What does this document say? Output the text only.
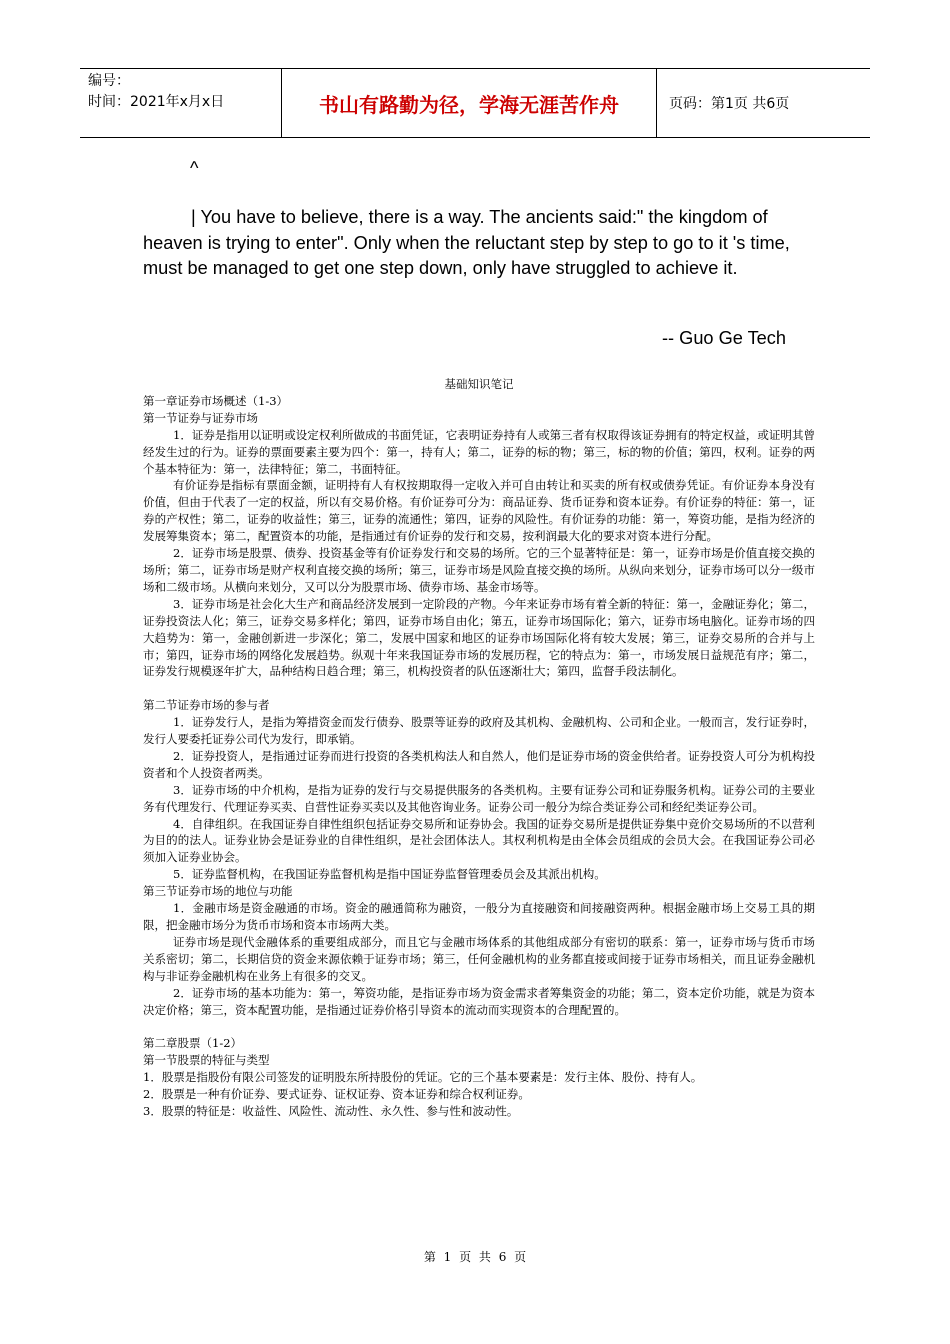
编号：
时间：2021年x月x日	书山有路勤为径，学海无涯苦作舟	页码：第1页 共6页
^

| You have to believe, there is a way. The ancients said:" the kingdom of heaven is trying to enter". Only when the reluctant step by step to go to it 's time, must be managed to get one step down, only have struggled to achieve it.

-- Guo Ge Tech
基础知识笔记
第一章证券市场概述（1-3）
第一节证券与证券市场
1．证券是指用以证明或设定权利所做成的书面凭证，它表明证券持有人或第三者有权取得该证券拥有的特定权益，或证明其曾经发生过的行为。证券的票面要素主要为四个：第一，持有人；第二，证券的标的物；第三，标的物的价值；第四，权利。证券的两个基本特征为：第一，法律特征；第二，书面特征。
有价证券是指标有票面金额，证明持有人有权按期取得一定收入并可自由转让和买卖的所有权或债券凭证。有价证券本身没有价值，但由于代表了一定的权益，所以有交易价格。有价证券可分为：商品证券、货币证券和资本证券。有价证券的特征：第一，证券的产权性；第二，证券的收益性；第三，证券的流通性；第四，证券的风险性。有价证券的功能：第一，筹资功能，是指为经济的发展筹集资本；第二，配置资本的功能，是指通过有价证券的发行和交易，按利润最大化的要求对资本进行分配。
2．证券市场是股票、债券、投资基金等有价证券发行和交易的场所。它的三个显著特征是：第一，证券市场是价值直接交换的场所；第二，证券市场是财产权利直接交换的场所；第三，证券市场是风险直接交换的场所。从纵向来划分，证券市场可以分一级市场和二级市场。从横向来划分，又可以分为股票市场、债券市场、基金市场等。
3．证券市场是社会化大生产和商品经济发展到一定阶段的产物。今年来证券市场有着全新的特征：第一，金融证券化；第二，证券投资法人化；第三，证券交易多样化；第四，证券市场自由化；第五，证券市场国际化；第六，证券市场电脑化。证券市场的四大趋势为：第一，金融创新进一步深化；第二，发展中国家和地区的证券市场国际化将有较大发展；第三，证券交易所的合并与上市；第四，证券市场的网络化发展趋势。纵观十年来我国证券市场的发展历程，它的特点为：第一，市场发展日益规范有序；第二，证券发行规模逐年扩大，品种结构日趋合理；第三，机构投资者的队伍逐渐壮大；第四，监督手段法制化。
第二节证券市场的参与者
1．证券发行人，是指为筹措资金而发行债券、股票等证券的政府及其机构、金融机构、公司和企业。一般而言，发行证券时，发行人要委托证券公司代为发行，即承销。
2．证券投资人，是指通过证券而进行投资的各类机构法人和自然人，他们是证券市场的资金供给者。证券投资人可分为机构投资者和个人投资者两类。
3．证券市场的中介机构，是指为证券的发行与交易提供服务的各类机构。主要有证券公司和证券服务机构。证券公司的主要业务有代理发行、代理证券买卖、自营性证券买卖以及其他咨询业务。证券公司一般分为综合类证券公司和经纪类证券公司。
4．自律组织。在我国证券自律性组织包括证券交易所和证券协会。我国的证券交易所是提供证券集中竞价交易场所的不以营利为目的的法人。证券业协会是证券业的自律性组织，是社会团体法人。其权利机构是由全体会员组成的会员大会。在我国证券公司必须加入证券业协会。
5．证券监督机构，在我国证券监督机构是指中国证券监督管理委员会及其派出机构。
第三节证券市场的地位与功能
1．金融市场是资金融通的市场。资金的融通简称为融资，一般分为直接融资和间接融资两种。根据金融市场上交易工具的期限，把金融市场分为货币市场和资本市场两大类。
证券市场是现代金融体系的重要组成部分，而且它与金融市场体系的其他组成部分有密切的联系：第一，证券市场与货币市场关系密切；第二，长期信贷的资金来源依赖于证券市场；第三，任何金融机构的业务都直接或间接于证券市场相关，而且证券金融机构与非证券金融机构在业务上有很多的交叉。
2．证券市场的基本功能为：第一，筹资功能，是指证券市场为资金需求者筹集资金的功能；第二，资本定价功能，就是为资本决定价格；第三，资本配置功能，是指通过证券价格引导资本的流动而实现资本的合理配置的。
第二章股票（1-2）
第一节股票的特征与类型
1．股票是指股份有限公司签发的证明股东所持股份的凭证。它的三个基本要素是：发行主体、股份、持有人。
2．股票是一种有价证券、要式证券、证权证券、资本证券和综合权利证券。
3．股票的特征是：收益性、风险性、流动性、永久性、参与性和波动性。
第 1 页 共 6 页
